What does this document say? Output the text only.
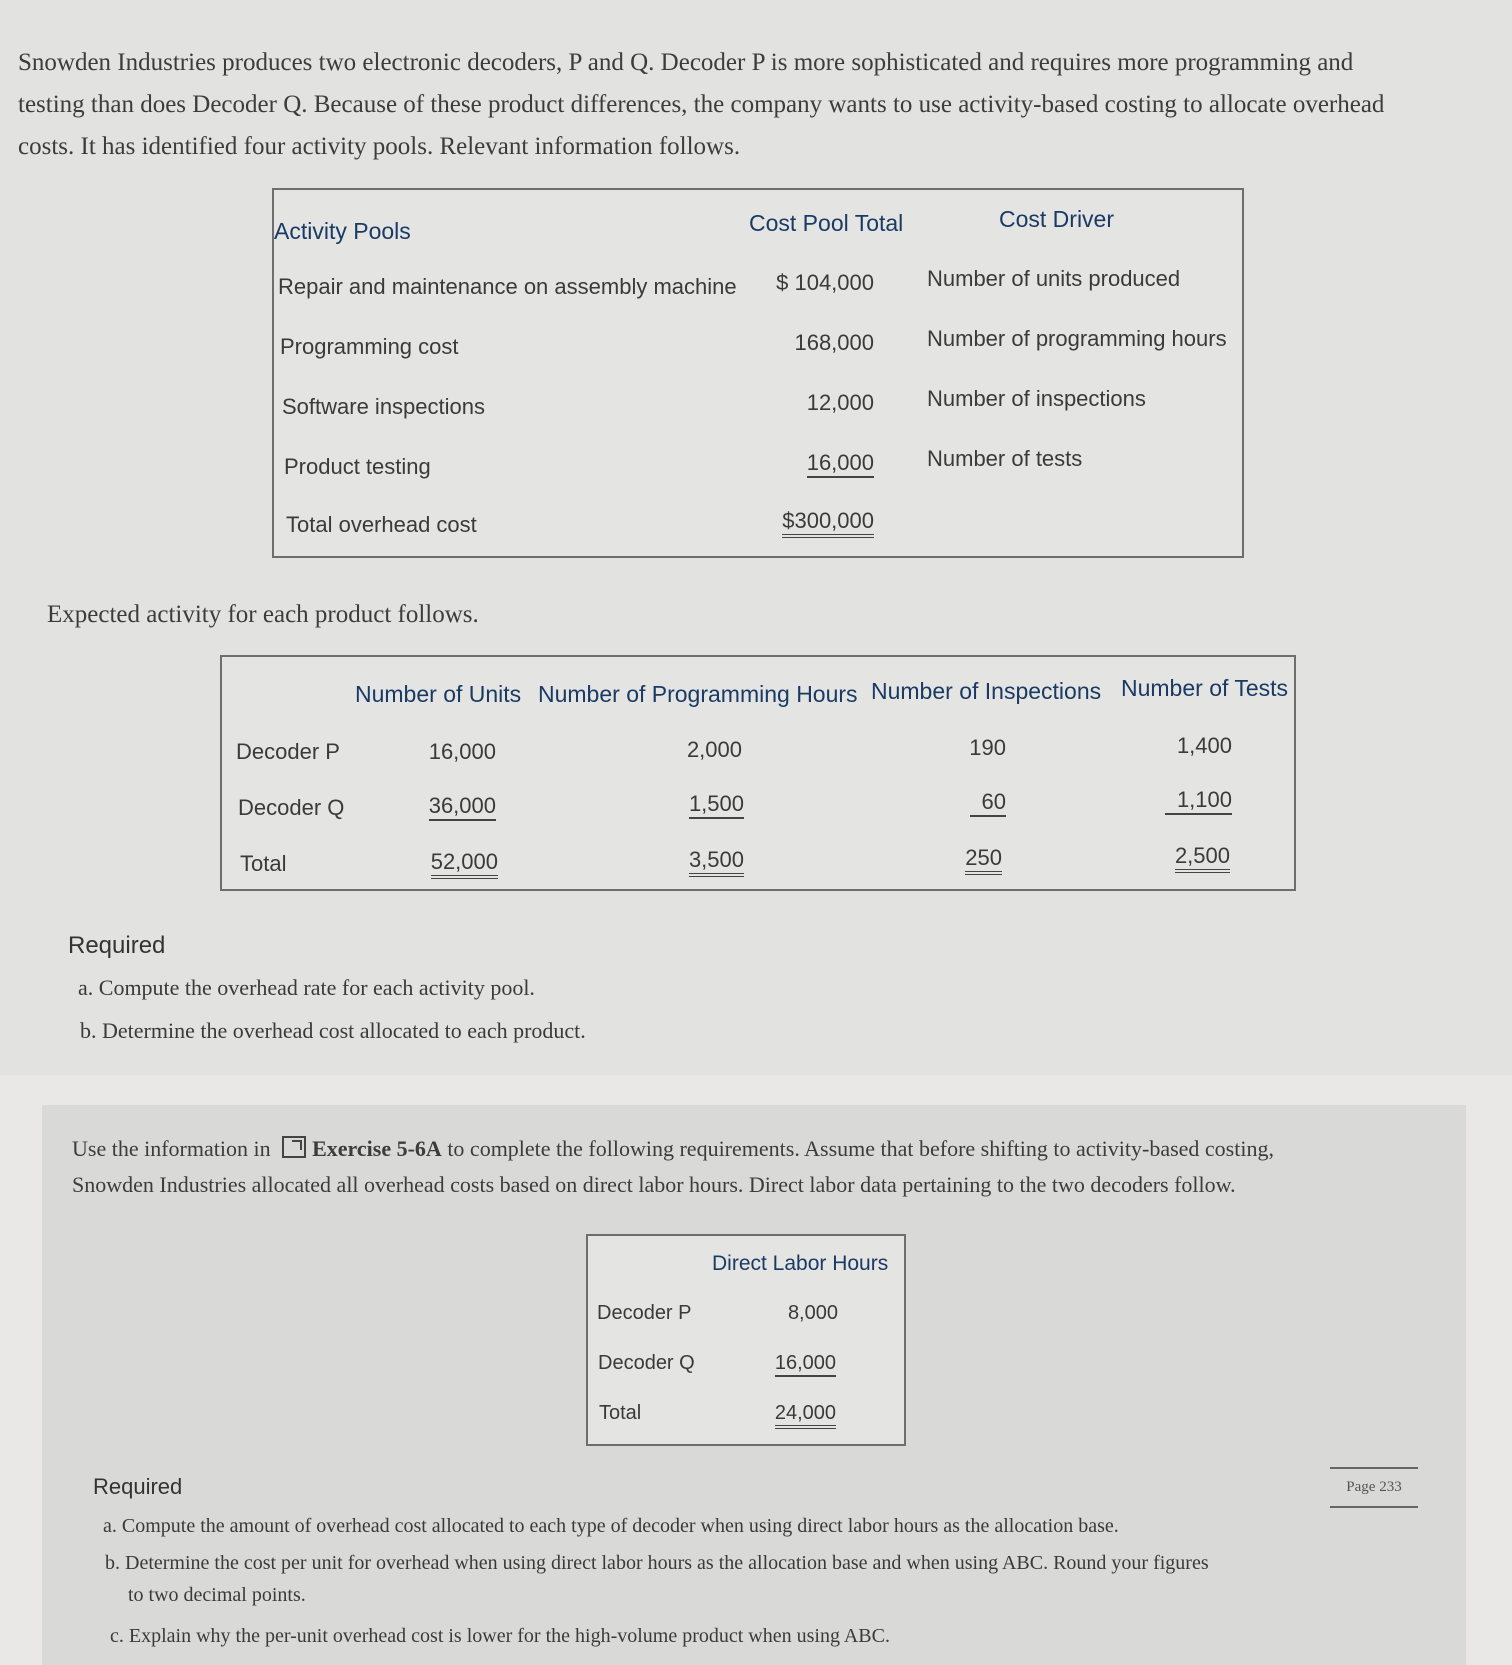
Snowden Industries produces two electronic decoders, P and Q. Decoder P is more sophisticated and requires more programming and
testing than does Decoder Q. Because of these product differences, the company wants to use activity-based costing to allocate overhead
costs. It has identified four activity pools. Relevant information follows.
Activity Pools	Cost Pool Total	Cost Driver
Repair and maintenance on assembly machine	$ 104,000 Number of units produced
Programming cost	168,000 Number of programming hours
Software inspections	12,000 Number of inspections
Product testing	16,000 Number of tests
Total overhead cost	$300,000
Expected activity for each product follows.
Number of Units Number of Programming Hours Number of Inspections Number of Tests
Decoder P	16,000	2,000	190	1,400
Decoder Q	36,000	1,500	60	1,100
Total	52,000	3,500	250	2,500
Required
a. Compute the overhead rate for each activity pool.
b. Determine the overhead cost allocated to each product.
Use the information in Exercise 5-6A to complete the following requirements. Assume that before shifting to activity-based costing,
Snowden Industries allocated all overhead costs based on direct labor hours. Direct labor data pertaining to the two decoders follow.
Direct Labor Hours
Decoder P	8,000
Decoder Q	16,000
Total	24,000
Required	Page 233
a. Compute the amount of overhead cost allocated to each type of decoder when using direct labor hours as the allocation base.
b. Determine the cost per unit for overhead when using direct labor hours as the allocation base and when using ABC. Round your figures
to two decimal points.
c. Explain why the per-unit overhead cost is lower for the high-volume product when using ABC.
